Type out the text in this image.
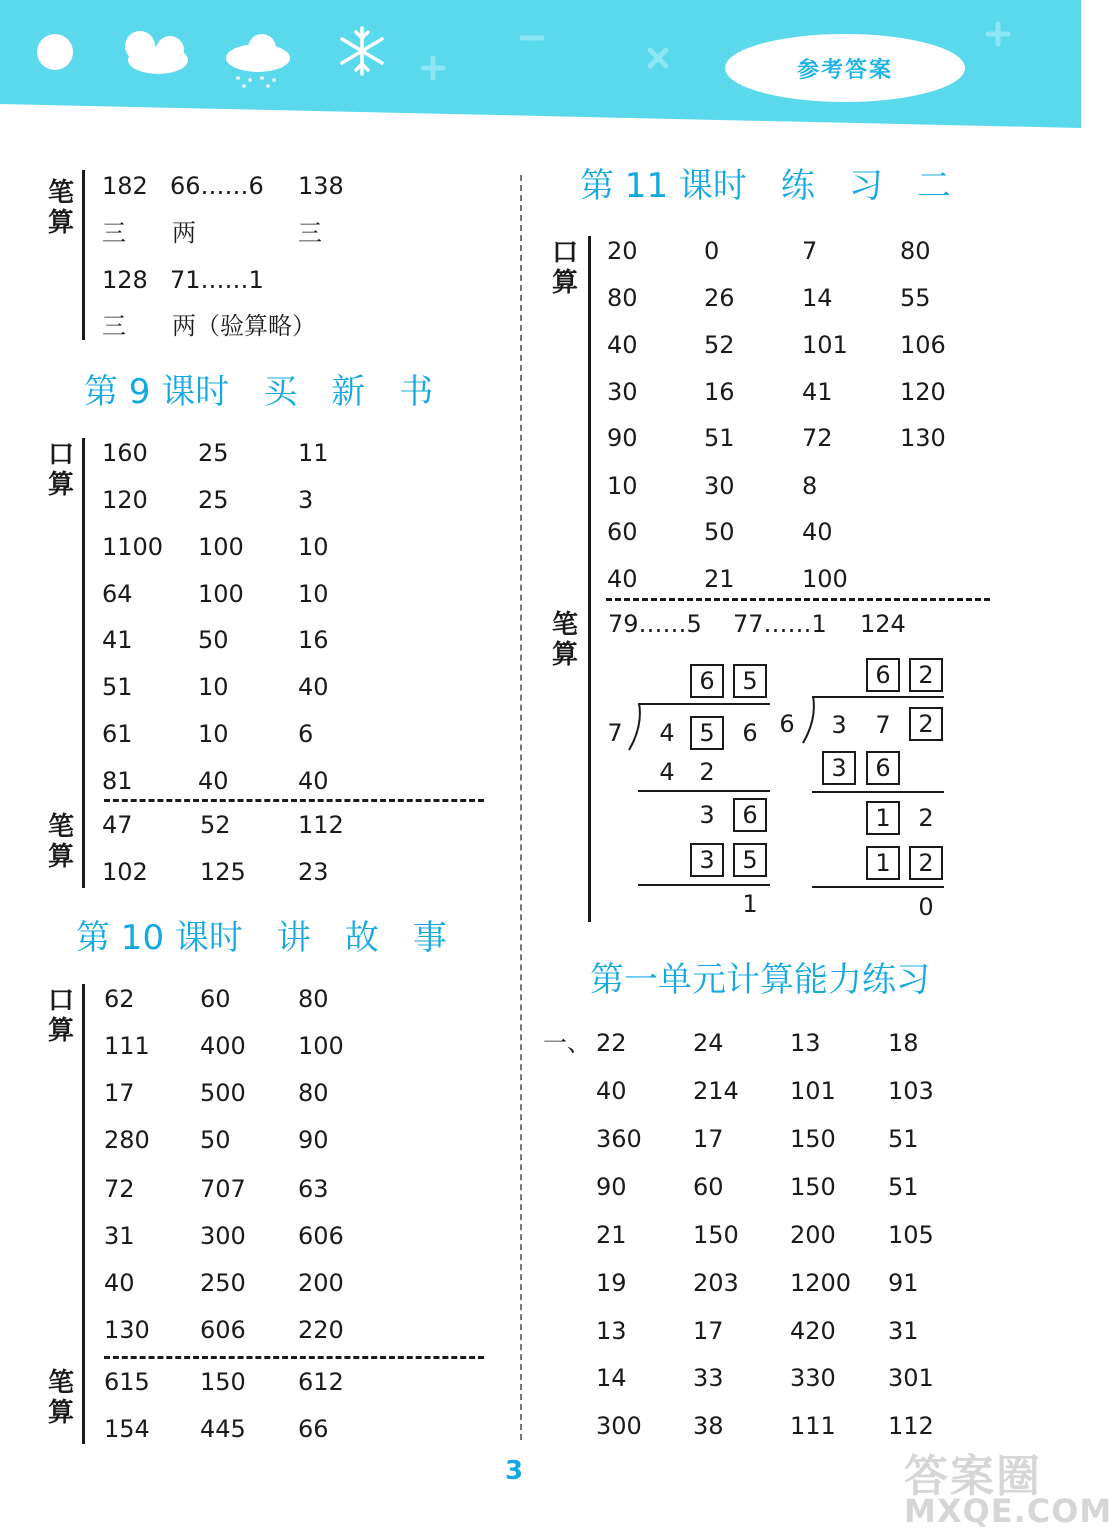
参考答案
笔算
182 66……6 138
三 两	三
128 71……1
三 两（验算略）
第 9 课时　买　新　书
口算
笔算
160 25	11
120 25	3
1100 100 10
64	100 10
41	50	16
51	10	40
61	10	6
81	40	40
47	52	112
102 125 23
第 10 课时　讲　故　事
口算
笔算
62	60	80
111 400 100
17	500 80
280 50	90
72	707 63
31	300 606
40	250 200
130 606 220
615 150 612
154 445 66
第 11 课时　练　习　二
口算
笔算
20	0	7	80
80	26	14	55
40	52	101 106
30	16	41	120
90	51	72	130
10	30	8
60	50	40
40	21	100
79……5 77……1 124
6	5
7	4	5	6
4	2
3	6
3	5
1
6	2
6	3	7	2
3	6
1	2
1	2
0
第一单元计算能力练习
一、 22	24	13	18
40	214 101 103
360 17	150 51
90	60	150 51
21	150 200 105
19	203 1200 91
13	17	420 31
14	33	330 301
300 38	111 112
3	答案圈
MXQE.COM
